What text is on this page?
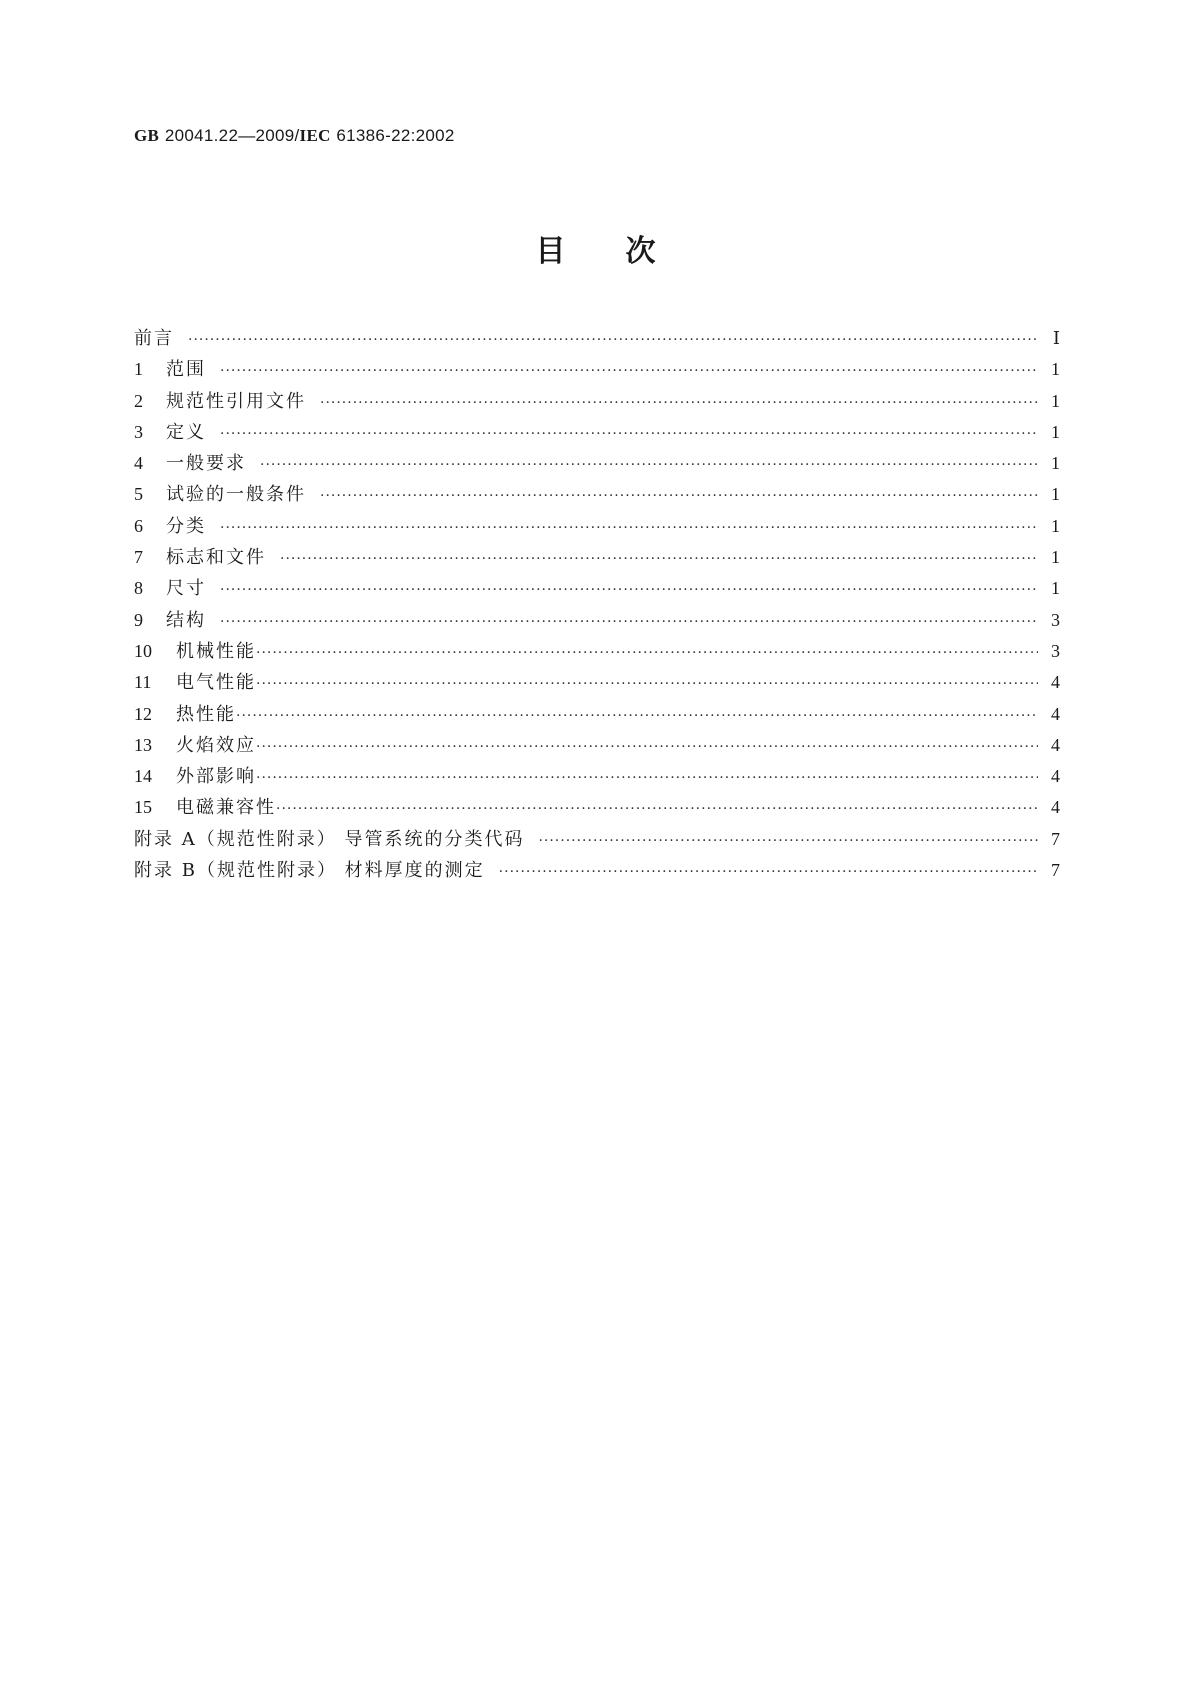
GB 20041.22—2009/IEC 61386-22:2002
目次
前言 ·····	Ⅰ
1	范围 ·····	1
2	规范性引用文件 ·····	1
3	定义 ·····	1
4	一般要求 ·····	1
5	试验的一般条件 ·····	1
6	分类 ·····	1
7	标志和文件 ·····	1
8	尺寸 ·····	1
9	结构 ·····	3
10	机械性能 ·····	3
11	电气性能 ·····	4
12	热性能 ·····	4
13	火焰效应 ·····	4
14	外部影响 ·····	4
15	电磁兼容性 ·····	4
附录 A（规范性附录） 导管系统的分类代码 ·····	7
附录 B（规范性附录） 材料厚度的测定 ·····	7
